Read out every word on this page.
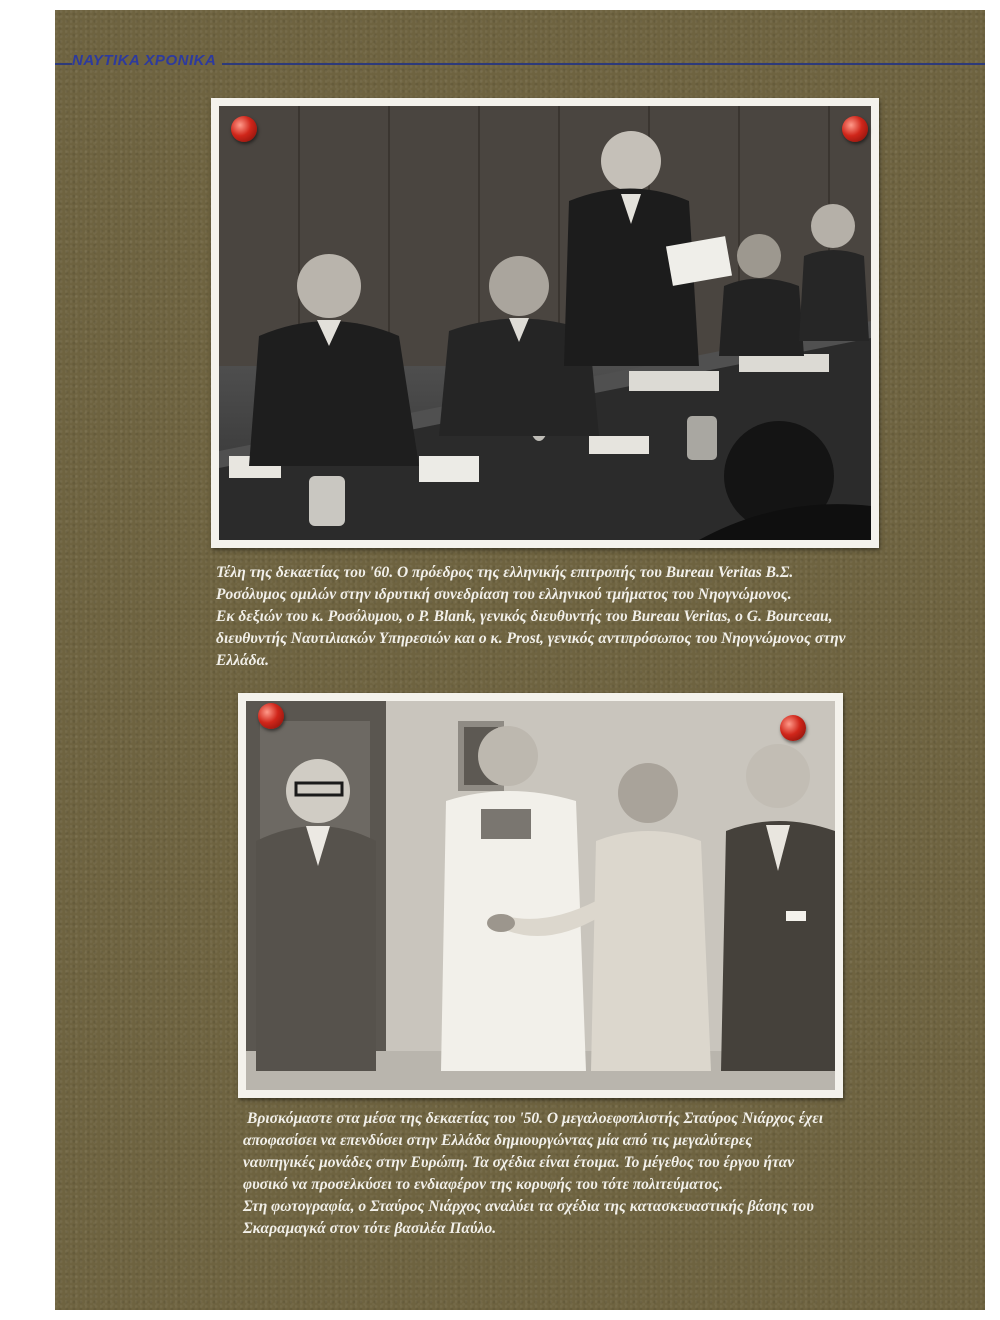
ΝΑΥΤΙΚΑ ΧΡΟΝΙΚΑ

Τέλη της δεκαετίας του '60. Ο πρόεδρος της ελληνικής επιτροπής του Bureau Veritas Β.Σ.
Ροσόλυμος ομιλών στην ιδρυτική συνεδρίαση του ελληνικού τμήματος του Νηογνώμονος.
Εκ δεξιών του κ. Ροσόλυμου, ο P. Blank, γενικός διευθυντής του Bureau Veritas, ο G. Bourceau,
διευθυντής Ναυτιλιακών Υπηρεσιών και ο κ. Prost, γενικός αντιπρόσωπος του Νηογνώμονος στην
Ελλάδα.

Βρισκόμαστε στα μέσα της δεκαετίας του '50. Ο μεγαλοεφοπλιστής Σταύρος Νιάρχος έχει
αποφασίσει να επενδύσει στην Ελλάδα δημιουργώντας μία από τις μεγαλύτερες
ναυπηγικές μονάδες στην Ευρώπη. Τα σχέδια είναι έτοιμα. Το μέγεθος του έργου ήταν
φυσικό να προσελκύσει το ενδιαφέρον της κορυφής του τότε πολιτεύματος.
Στη φωτογραφία, ο Σταύρος Νιάρχος αναλύει τα σχέδια της κατασκευαστικής βάσης του
Σκαραμαγκά στον τότε βασιλέα Παύλο.
